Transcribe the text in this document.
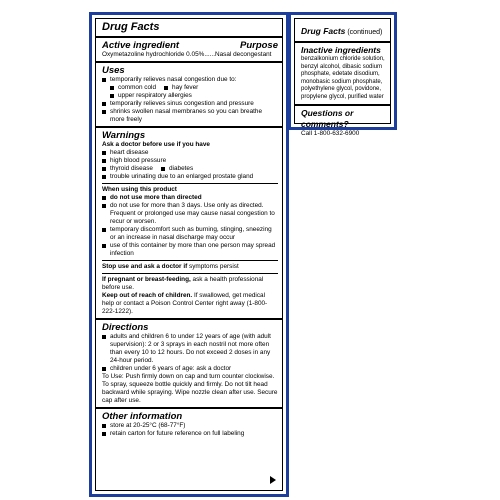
Drug Facts
Active ingredient	Purpose
Oxymetazoline hydrochloride 0.05%......Nasal decongestant
Uses
temporarily relieves nasal congestion due to:
common cold	hay fever
upper respiratory allergies
temporarily relieves sinus congestion and pressure
shrinks swollen nasal membranes so you can breathe more freely
Warnings
Ask a doctor before use if you have
heart disease
high blood pressure
thyroid disease	diabetes
trouble urinating due to an enlarged prostate gland
When using this product
do not use more than directed
do not use for more than 3 days. Use only as directed. Frequent or prolonged use may cause nasal congestion to recur or worsen.
temporary discomfort such as burning, stinging, sneezing or an increase in nasal discharge may occur
use of this container by more than one person may spread infection
Stop use and ask a doctor if symptoms persist
If pregnant or breast-feeding, ask a health professional before use.
Keep out of reach of children. If swallowed, get medical help or contact a Poison Control Center right away (1-800-222-1222).
Directions
adults and children 6 to under 12 years of age (with adult supervision): 2 or 3 sprays in each nostril not more often than every 10 to 12 hours. Do not exceed 2 doses in any 24-hour period.
children under 6 years of age: ask a doctor
To Use: Push firmly down on cap and turn counter clockwise. To spray, squeeze bottle quickly and firmly. Do not tilt head backward while spraying. Wipe nozzle clean after use. Secure cap after use.
Other information
store at 20-25°C (68-77°F)
retain carton for future reference on full labeling
Drug Facts (continued)
Inactive ingredients
benzalkonium chloride solution, benzyl alcohol, dibasic sodium phosphate, edetate disodium, monobasic sodium phosphate, polyethylene glycol, povidone, propylene glycol, purified water
Questions or comments?
Call 1-800-632-6900
